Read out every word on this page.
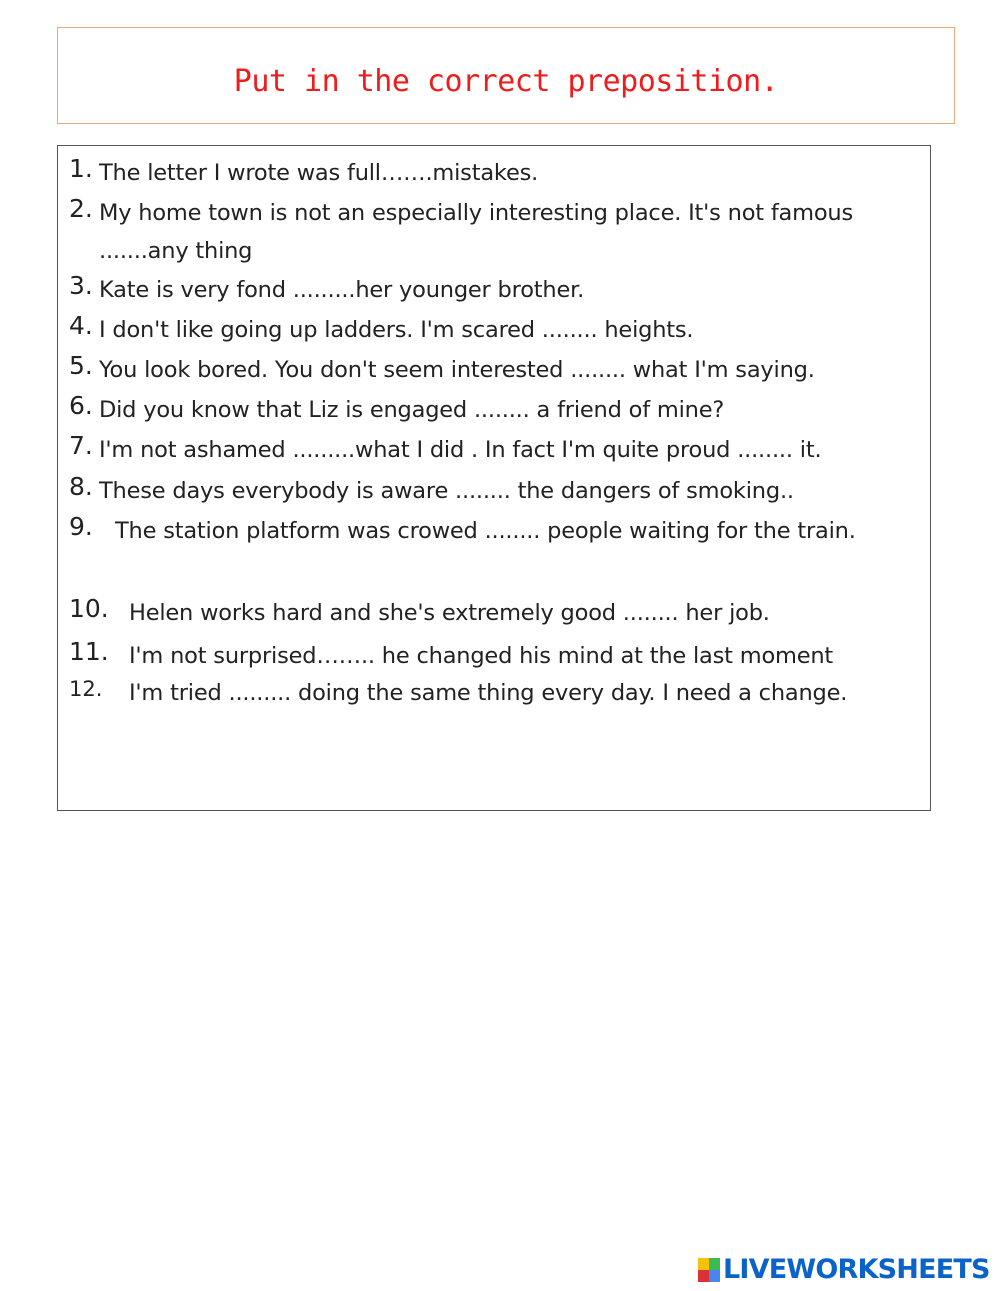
Put in the correct preposition.
1. The letter I wrote was full…….mistakes.
2. My home town is not an especially interesting place. It's not famous .......any thing
3. Kate is very fond .........her younger brother.
4. I don't like going up ladders. I'm scared ........ heights.
5. You look bored. You don't seem interested ........ what I'm saying.
6. Did you know that Liz is engaged ........ a friend of mine?
7. I'm not ashamed .........what I did . In fact I'm quite proud ........ it.
8. These days everybody is aware ........ the dangers of smoking..
9. The station platform was crowed ........ people waiting for the train.
10. Helen works hard and she's extremely good ........ her job.
11. I'm not surprised…….. he changed his mind at the last moment
12.	I'm tried ......... doing the same thing every day. I need a change.
LIVEWORKSHEETS
